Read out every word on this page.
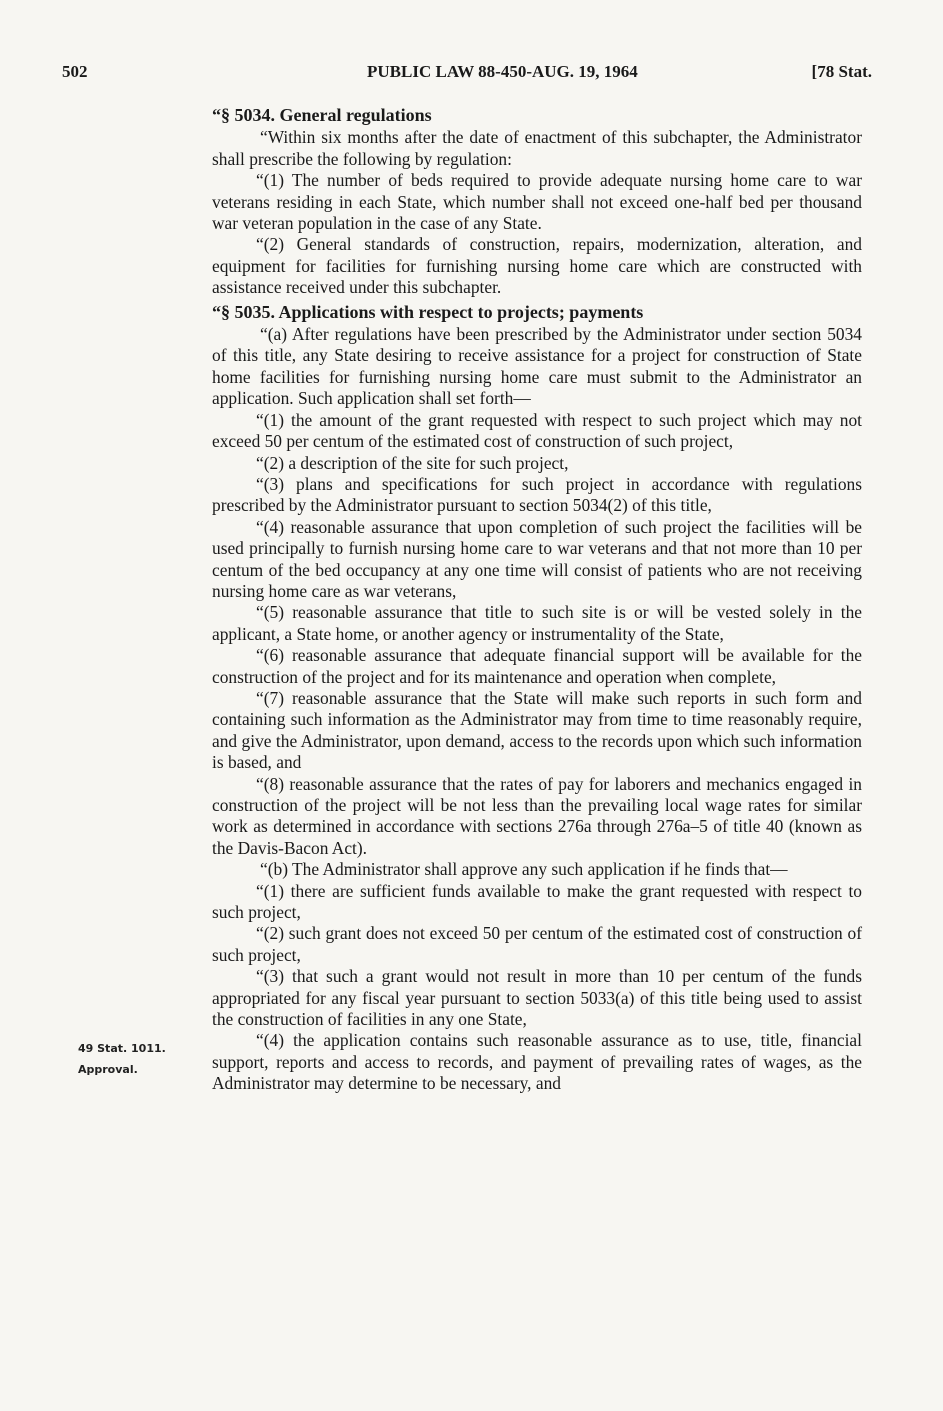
502	PUBLIC LAW 88-450-AUG. 19, 1964	[78 Stat.
49 Stat. 1011.
Approval.

“§ 5034. General regulations

“Within six months after the date of enactment of this subchapter, the Administrator shall prescribe the following by regulation:

“(1) The number of beds required to provide adequate nursing home care to war veterans residing in each State, which number shall not exceed one-half bed per thousand war veteran population in the case of any State.

“(2) General standards of construction, repairs, modernization, alteration, and equipment for facilities for furnishing nursing home care which are constructed with assistance received under this subchapter.

“§ 5035. Applications with respect to projects; payments

“(a) After regulations have been prescribed by the Administrator under section 5034 of this title, any State desiring to receive assistance for a project for construction of State home facilities for furnishing nursing home care must submit to the Administrator an application. Such application shall set forth—

“(1) the amount of the grant requested with respect to such project which may not exceed 50 per centum of the estimated cost of construction of such project,

“(2) a description of the site for such project,

“(3) plans and specifications for such project in accordance with regulations prescribed by the Administrator pursuant to section 5034(2) of this title,

“(4) reasonable assurance that upon completion of such project the facilities will be used principally to furnish nursing home care to war veterans and that not more than 10 per centum of the bed occupancy at any one time will consist of patients who are not receiving nursing home care as war veterans,

“(5) reasonable assurance that title to such site is or will be vested solely in the applicant, a State home, or another agency or instrumentality of the State,

“(6) reasonable assurance that adequate financial support will be available for the construction of the project and for its maintenance and operation when complete,

“(7) reasonable assurance that the State will make such reports in such form and containing such information as the Administrator may from time to time reasonably require, and give the Administrator, upon demand, access to the records upon which such information is based, and

“(8) reasonable assurance that the rates of pay for laborers and mechanics engaged in construction of the project will be not less than the prevailing local wage rates for similar work as determined in accordance with sections 276a through 276a–5 of title 40 (known as the Davis-Bacon Act).

“(b) The Administrator shall approve any such application if he finds that—

“(1) there are sufficient funds available to make the grant requested with respect to such project,

“(2) such grant does not exceed 50 per centum of the estimated cost of construction of such project,

“(3) that such a grant would not result in more than 10 per centum of the funds appropriated for any fiscal year pursuant to section 5033(a) of this title being used to assist the construction of facilities in any one State,

“(4) the application contains such reasonable assurance as to use, title, financial support, reports and access to records, and payment of prevailing rates of wages, as the Administrator may determine to be necessary, and
